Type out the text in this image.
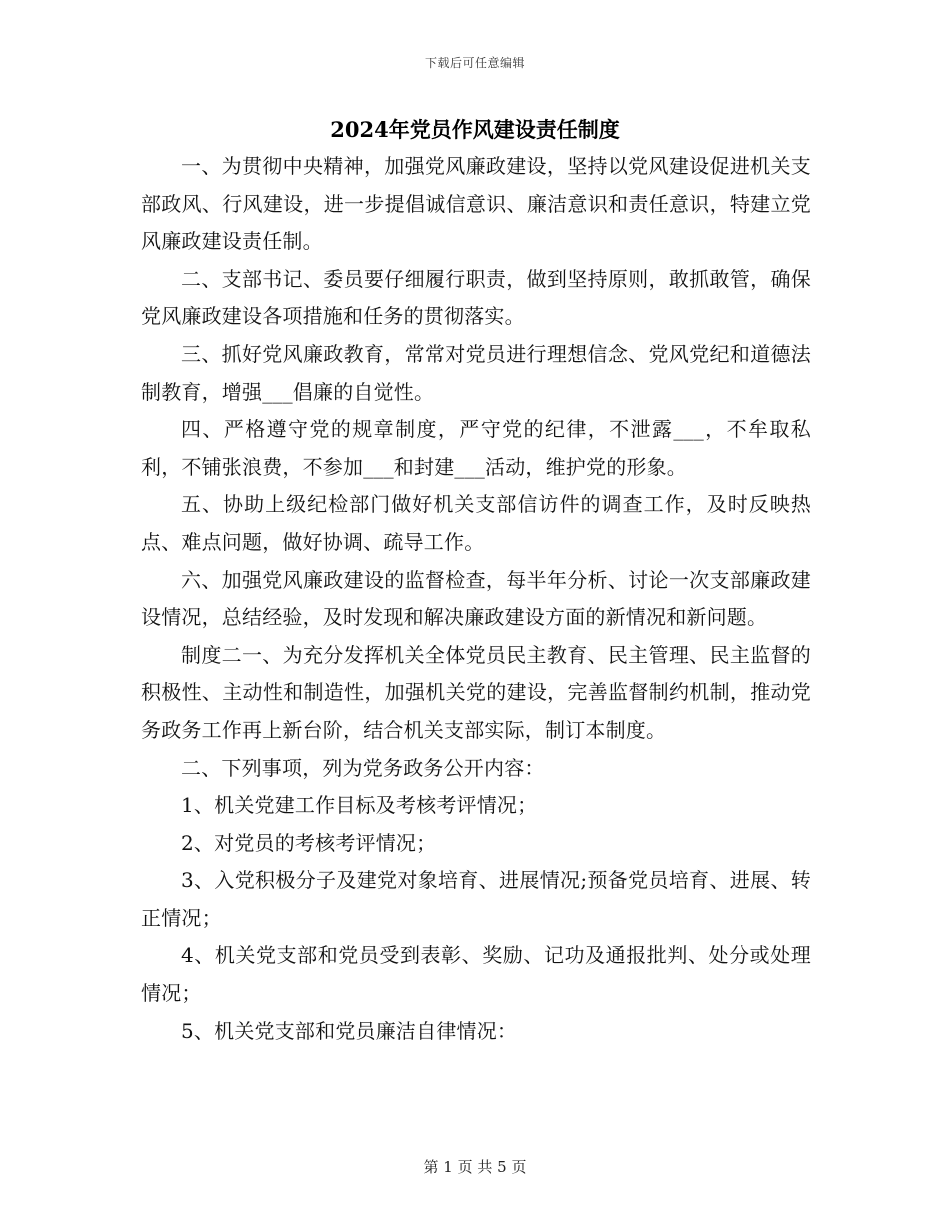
下载后可任意编辑
2024年党员作风建设责任制度

一、为贯彻中央精神，加强党风廉政建设，坚持以党风建设促进机关支部政风、行风建设，进一步提倡诚信意识、廉洁意识和责任意识，特建立党风廉政建设责任制。

二、支部书记、委员要仔细履行职责，做到坚持原则，敢抓敢管，确保党风廉政建设各项措施和任务的贯彻落实。

三、抓好党风廉政教育，常常对党员进行理想信念、党风党纪和道德法制教育，增强___倡廉的自觉性。

四、严格遵守党的规章制度，严守党的纪律，不泄露___，不牟取私利，不铺张浪费，不参加___和封建___活动，维护党的形象。

五、协助上级纪检部门做好机关支部信访件的调查工作，及时反映热点、难点问题，做好协调、疏导工作。

六、加强党风廉政建设的监督检查，每半年分析、讨论一次支部廉政建设情况，总结经验，及时发现和解决廉政建设方面的新情况和新问题。

制度二一、为充分发挥机关全体党员民主教育、民主管理、民主监督的积极性、主动性和制造性，加强机关党的建设，完善监督制约机制，推动党务政务工作再上新台阶，结合机关支部实际，制订本制度。

二、下列事项，列为党务政务公开内容：

1、机关党建工作目标及考核考评情况；

2、对党员的考核考评情况；

3、入党积极分子及建党对象培育、进展情况;预备党员培育、进展、转正情况；

4、机关党支部和党员受到表彰、奖励、记功及通报批判、处分或处理情况；

5、机关党支部和党员廉洁自律情况：

第 1 页 共 5 页
